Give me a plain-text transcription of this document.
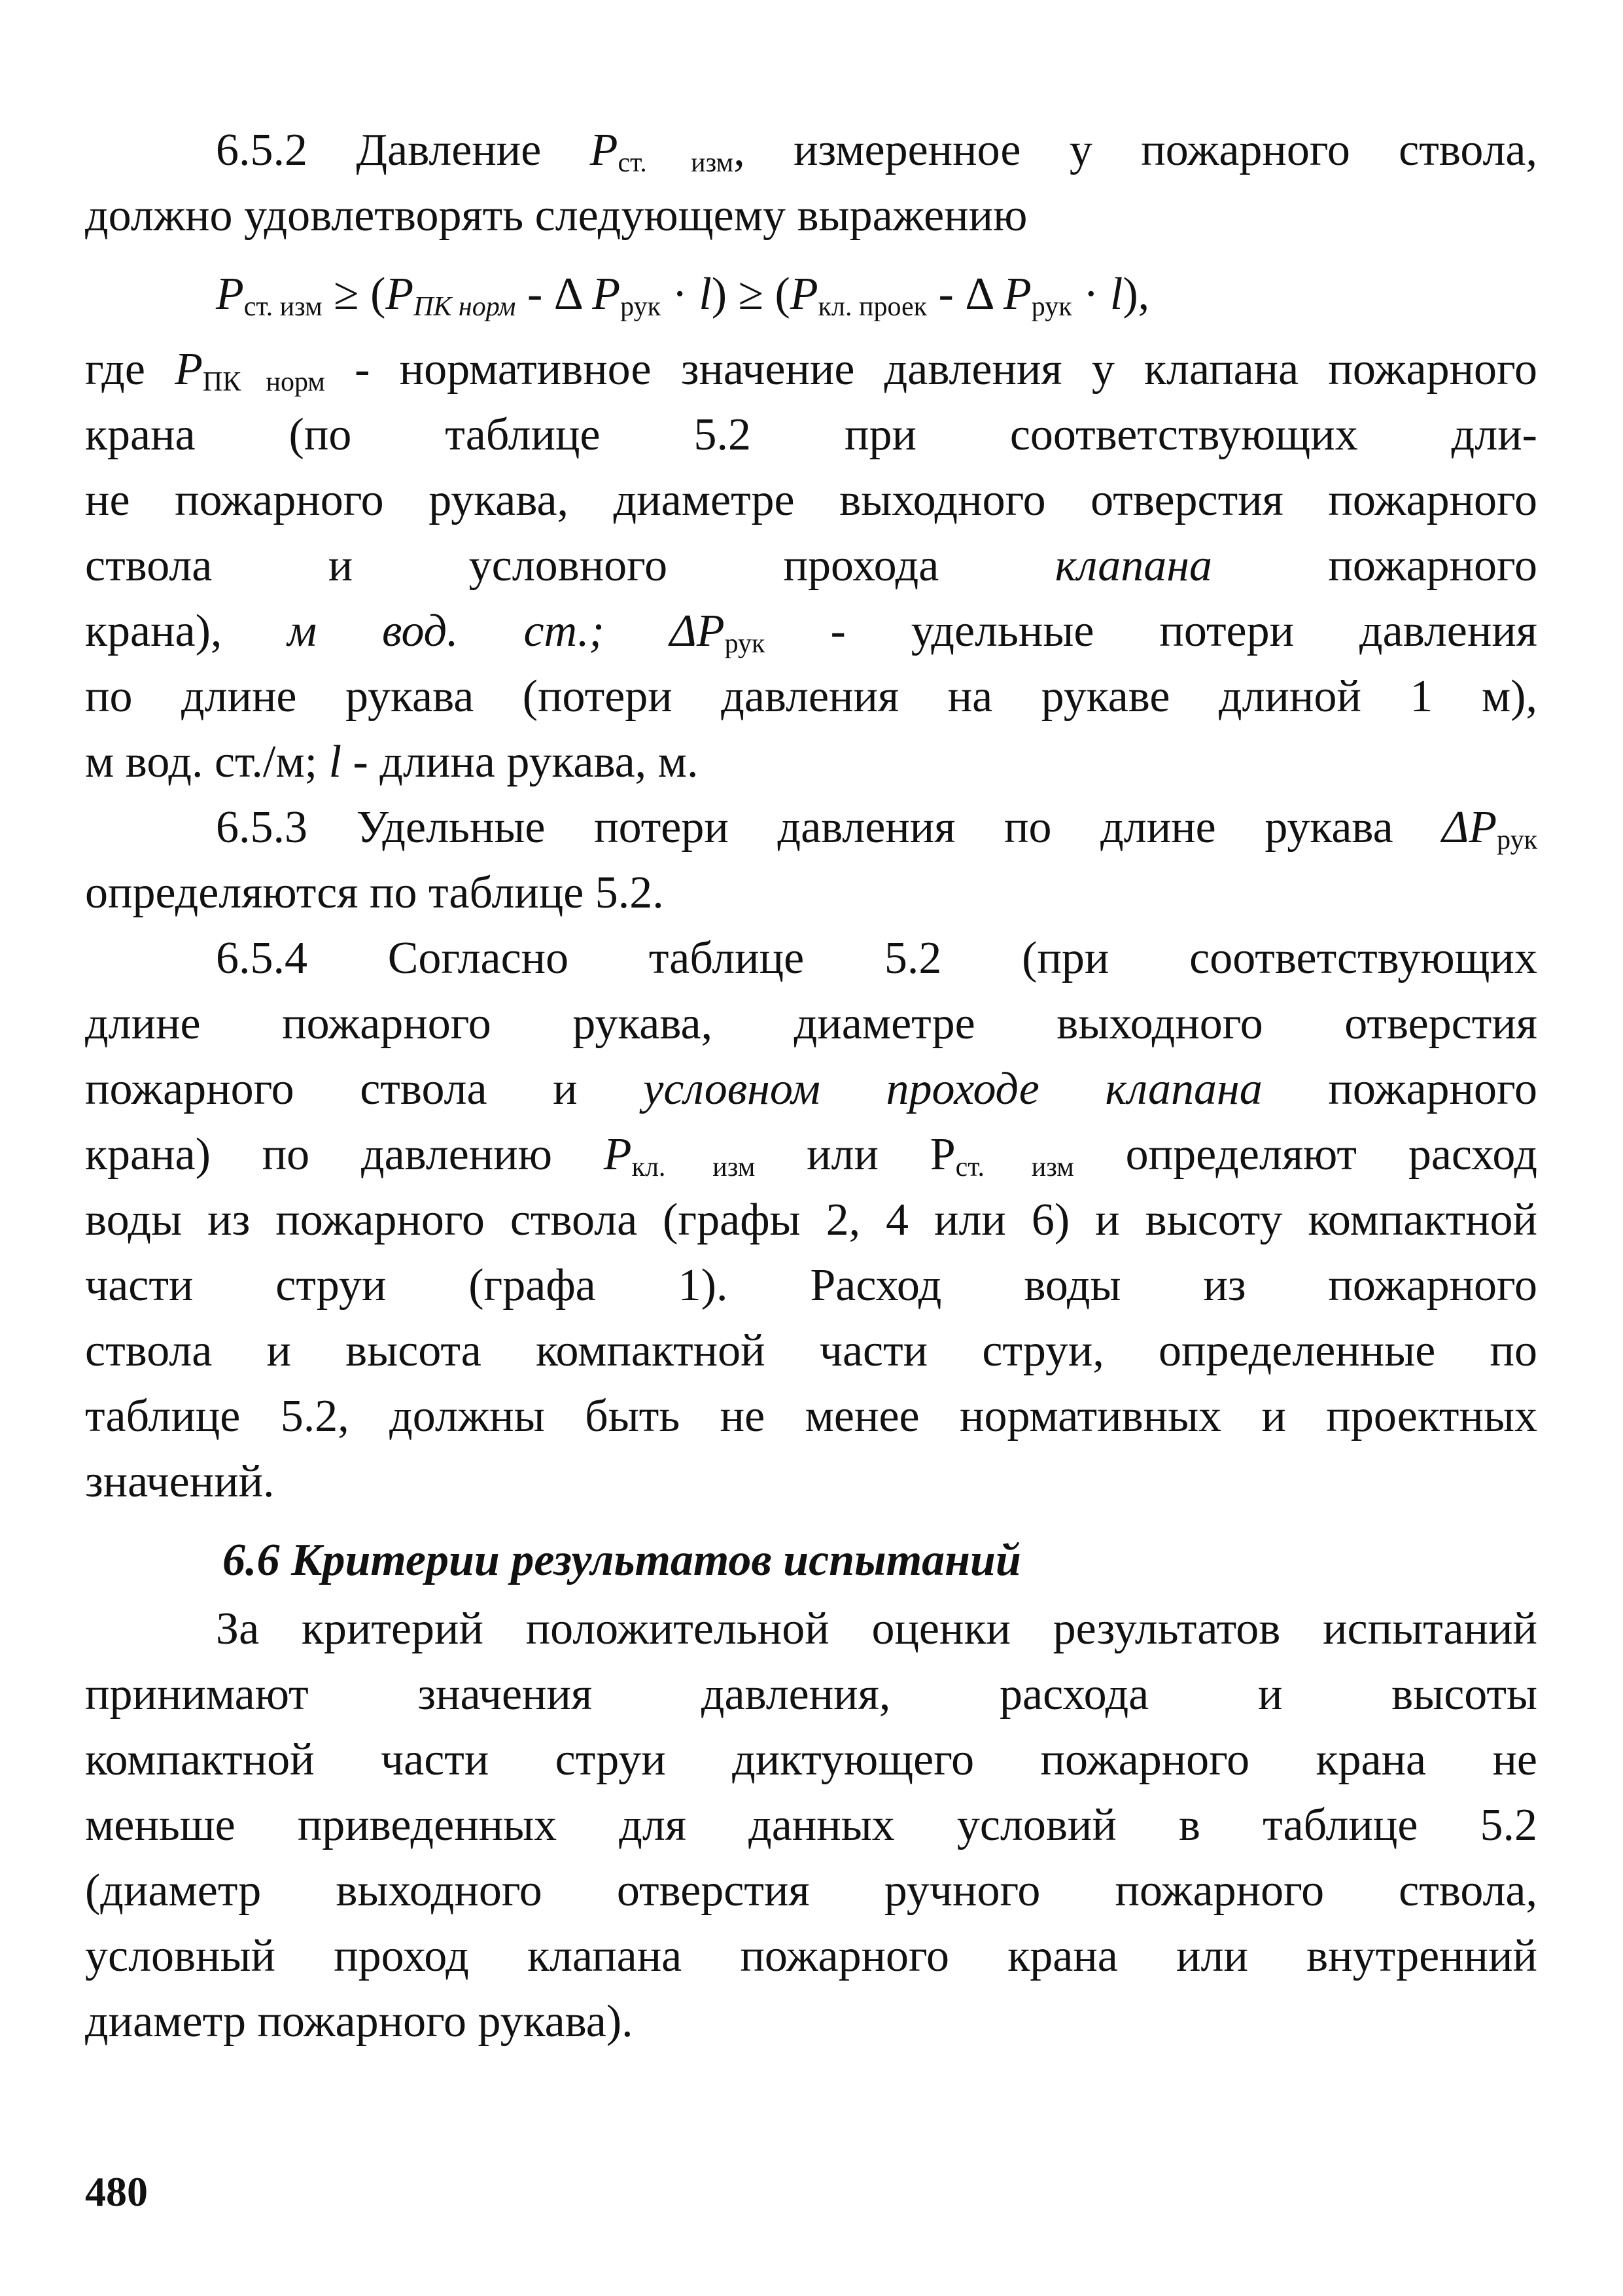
6.5.2 Давление $P_{ст. изм}$, измеренное у пожарного ствола,
должно удовлетворять следующему выражению
$P_{ст. изм} \ge (P_{ПК норм} - \Delta$ $P_{рук} \cdot l) \ge (P_{кл. проек} - \Delta$ $P_{рук} \cdot l$),
где $P_{ПК норм}$ - нормативное значение давления у клапана пожарного
крана (по таблице 5.2 при соответствующих дли-
не пожарного рукава, диаметре выходного отверстия пожарного
ствола и условного прохода клапана пожарного
крана), м вод. ст.; $\Delta P_{рук}$ - удельные потери давления
по длине рукава (потери давления на рукаве длиной 1 м),
м вод. ст./м; l - длина рукава, м.
6.5.3 Удельные потери давления по длине рукава $\Delta P_{рук}$
определяются по таблице 5.2.
6.5.4 Согласно таблице 5.2 (при соответствующих
длине пожарного рукава, диаметре выходного отверстия
пожарного ствола и условном проходе клапана пожарного
крана) по давлению $P_{кл. изм}$ или $P_{ст. изм}$ определяют расход
воды из пожарного ствола (графы 2, 4 или 6) и высоту компактной
части струи (графа 1). Расход воды из пожарного
ствола и высота компактной части струи, определенные по
таблице 5.2, должны быть не менее нормативных и проектных
значений.
6.6 Критерии результатов испытаний
За критерий положительной оценки результатов испытаний
принимают значения давления, расхода и высоты
компактной части струи диктующего пожарного крана не
меньше приведенных для данных условий в таблице 5.2
(диаметр выходного отверстия ручного пожарного ствола,
условный проход клапана пожарного крана или внутренний
диаметр пожарного рукава).
480
